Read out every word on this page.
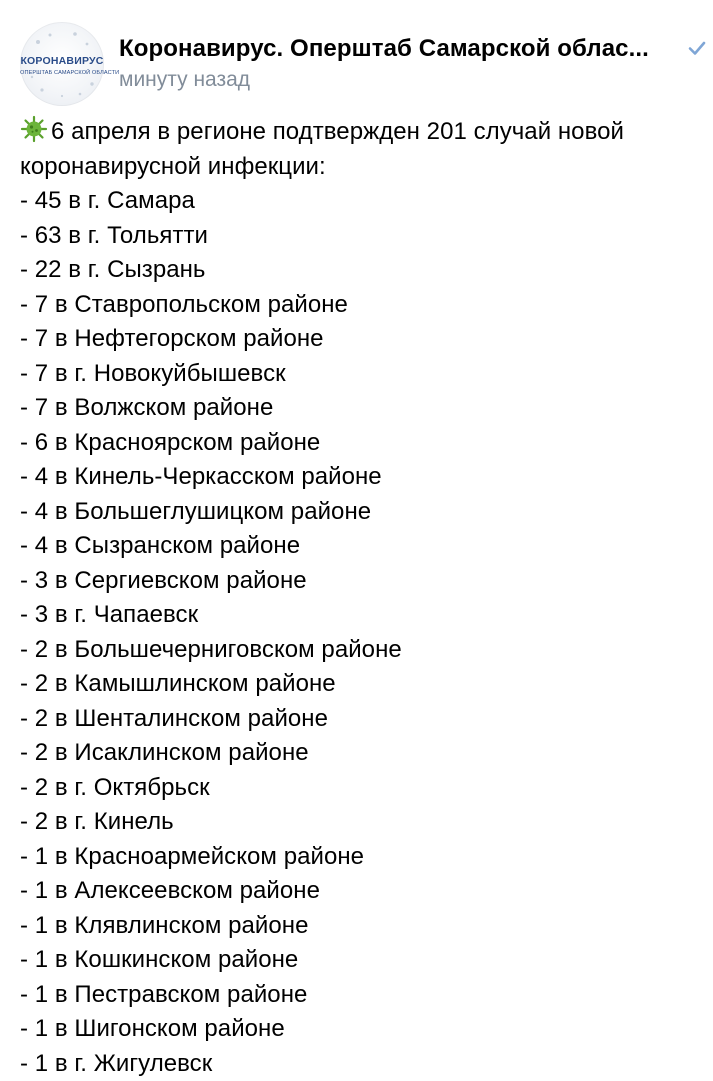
КОРОНАВИРУС
ОПЕРШТАБ САМАРСКОЙ ОБЛАСТИ
Коронавирус. Оперштаб Самарской облас...
минуту назад
6 апреля в регионе подтвержден 201 случай новой
коронавирусной инфекции:
- 45 в г. Самара
- 63 в г. Тольятти
- 22 в г. Сызрань
- 7 в Ставропольском районе
- 7 в Нефтегорском районе
- 7 в г. Новокуйбышевск
- 7 в Волжском районе
- 6 в Красноярском районе
- 4 в Кинель-Черкасском районе
- 4 в Большеглушицком районе
- 4 в Сызранском районе
- 3 в Сергиевском районе
- 3 в г. Чапаевск
- 2 в Большечерниговском районе
- 2 в Камышлинском районе
- 2 в Шенталинском районе
- 2 в Исаклинском районе
- 2 в г. Октябрьск
- 2 в г. Кинель
- 1 в Красноармейском районе
- 1 в Алексеевском районе
- 1 в Клявлинском районе
- 1 в Кошкинском районе
- 1 в Пестравском районе
- 1 в Шигонском районе
- 1 в г. Жигулевск
